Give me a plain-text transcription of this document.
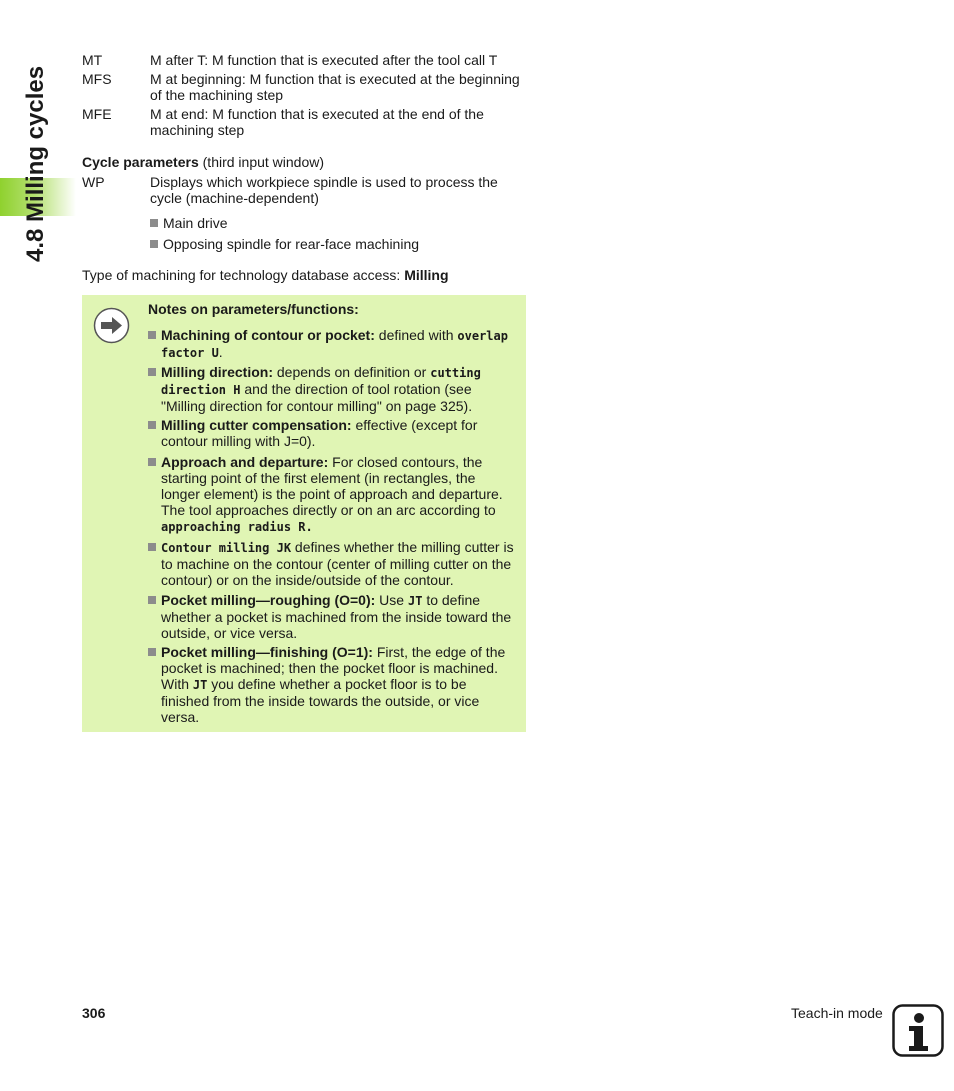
4.8 Milling cycles
MT	M after T: M function that is executed after the tool call T
MFS	M at beginning: M function that is executed at the beginning of the machining step
MFE	M at end: M function that is executed at the end of the machining step
Cycle parameters (third input window)
WP	Displays which workpiece spindle is used to process the cycle (machine-dependent)
Main drive
Opposing spindle for rear-face machining
Type of machining for technology database access: Milling
Notes on parameters/functions:
Machining of contour or pocket: defined with overlap factor U.
Milling direction: depends on definition or cutting direction H and the direction of tool rotation (see "Milling direction for contour milling" on page 325).
Milling cutter compensation: effective (except for contour milling with J=0).
Approach and departure: For closed contours, the starting point of the first element (in rectangles, the longer element) is the point of approach and departure. The tool approaches directly or on an arc according to approaching radius R.
Contour milling JK defines whether the milling cutter is to machine on the contour (center of milling cutter on the contour) or on the inside/outside of the contour.
Pocket milling—roughing (O=0): Use JT to define whether a pocket is machined from the inside toward the outside, or vice versa.
Pocket milling—finishing (O=1): First, the edge of the pocket is machined; then the pocket floor is machined. With JT you define whether a pocket floor is to be finished from the inside towards the outside, or vice versa.
306	Teach-in mode
